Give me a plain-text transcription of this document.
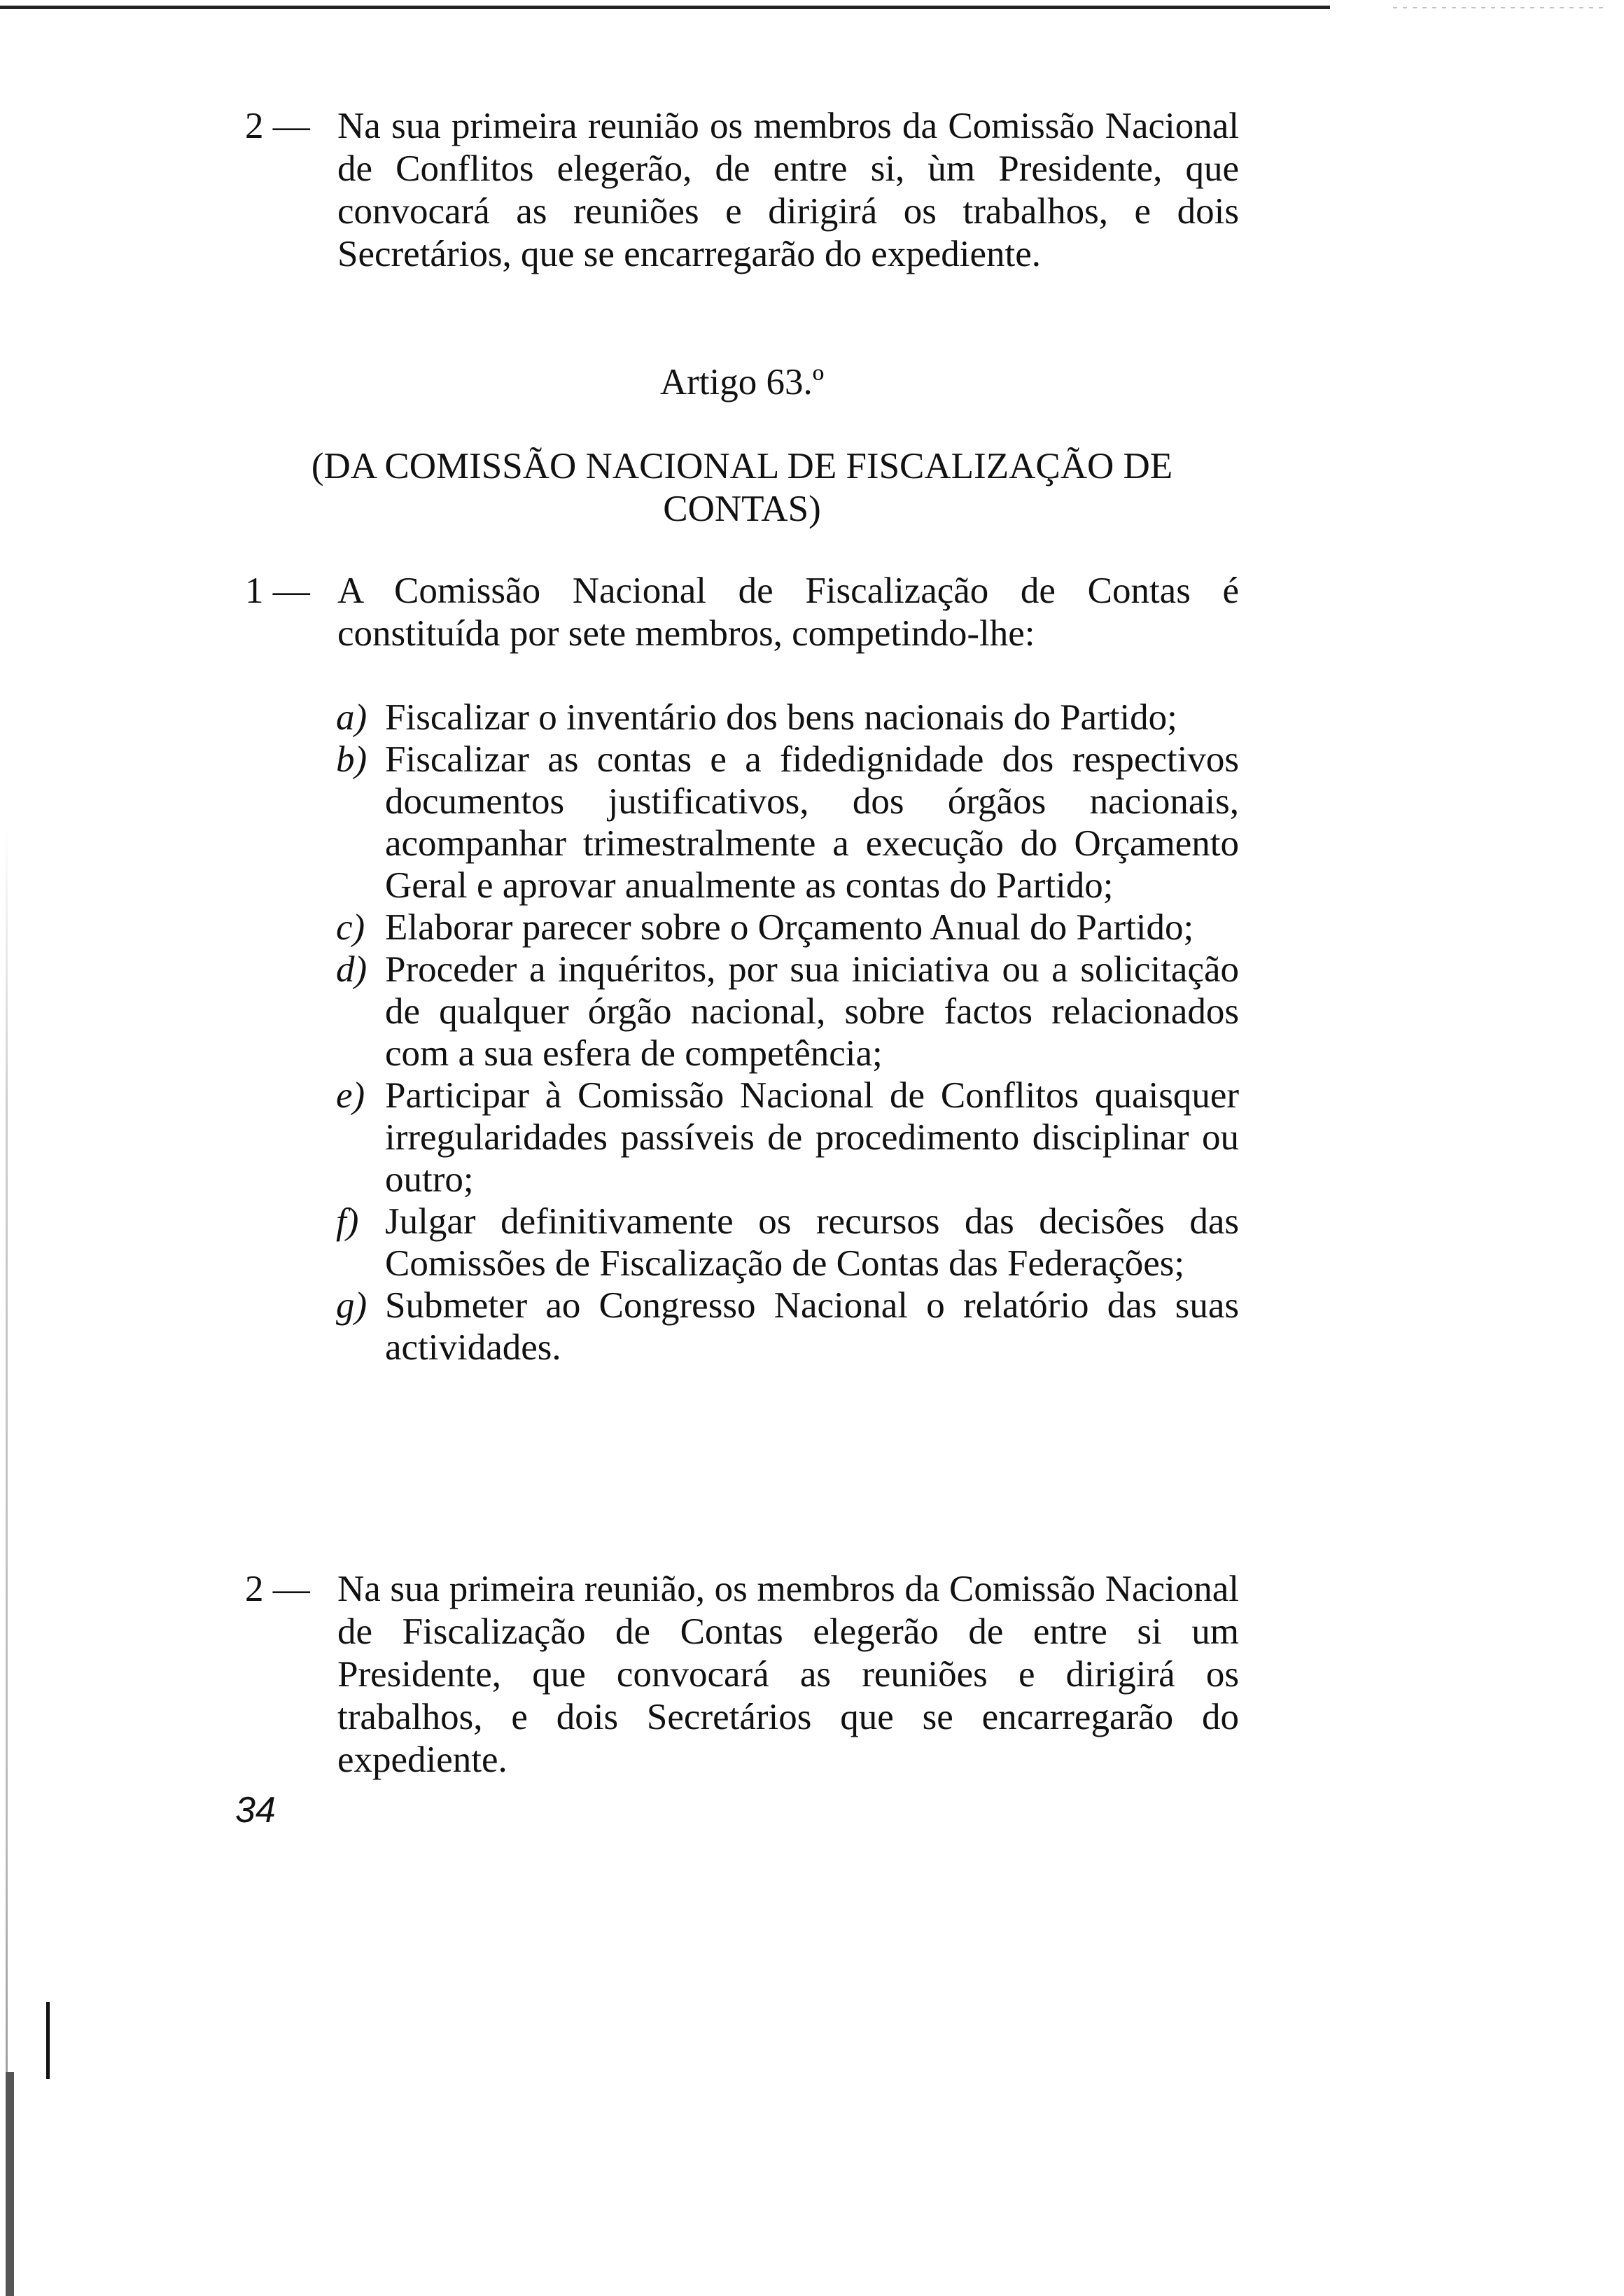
2 — Na sua primeira reunião os membros da Comissão Nacional de Conflitos elegerão, de entre si, ùm Presidente, que convocará as reuniões e dirigirá os trabalhos, e dois Secretários, que se encarregarão do expediente.
Artigo 63.º
(DA COMISSÃO NACIONAL DE FISCALIZAÇÃO DE
CONTAS)
1 — A Comissão Nacional de Fiscalização de Contas é constituída por sete membros, competindo-lhe:
a) Fiscalizar o inventário dos bens nacionais do Partido;
b) Fiscalizar as contas e a fidedignidade dos respectivos documentos justificativos, dos órgãos nacionais, acompanhar trimestralmente a execução do Orçamento Geral e aprovar anualmente as contas do Partido;
c) Elaborar parecer sobre o Orçamento Anual do Partido;
d) Proceder a inquéritos, por sua iniciativa ou a solicitação de qualquer órgão nacional, sobre factos relacionados com a sua esfera de competência;
e) Participar à Comissão Nacional de Conflitos quaisquer irregularidades passíveis de procedimento disciplinar ou outro;
f) Julgar definitivamente os recursos das decisões das Comissões de Fiscalização de Contas das Federações;
g) Submeter ao Congresso Nacional o relatório das suas actividades.
2 — Na sua primeira reunião, os membros da Comissão Nacional de Fiscalização de Contas elegerão de entre si um Presidente, que convocará as reuniões e dirigirá os trabalhos, e dois Secretários que se encarregarão do expediente.
34
